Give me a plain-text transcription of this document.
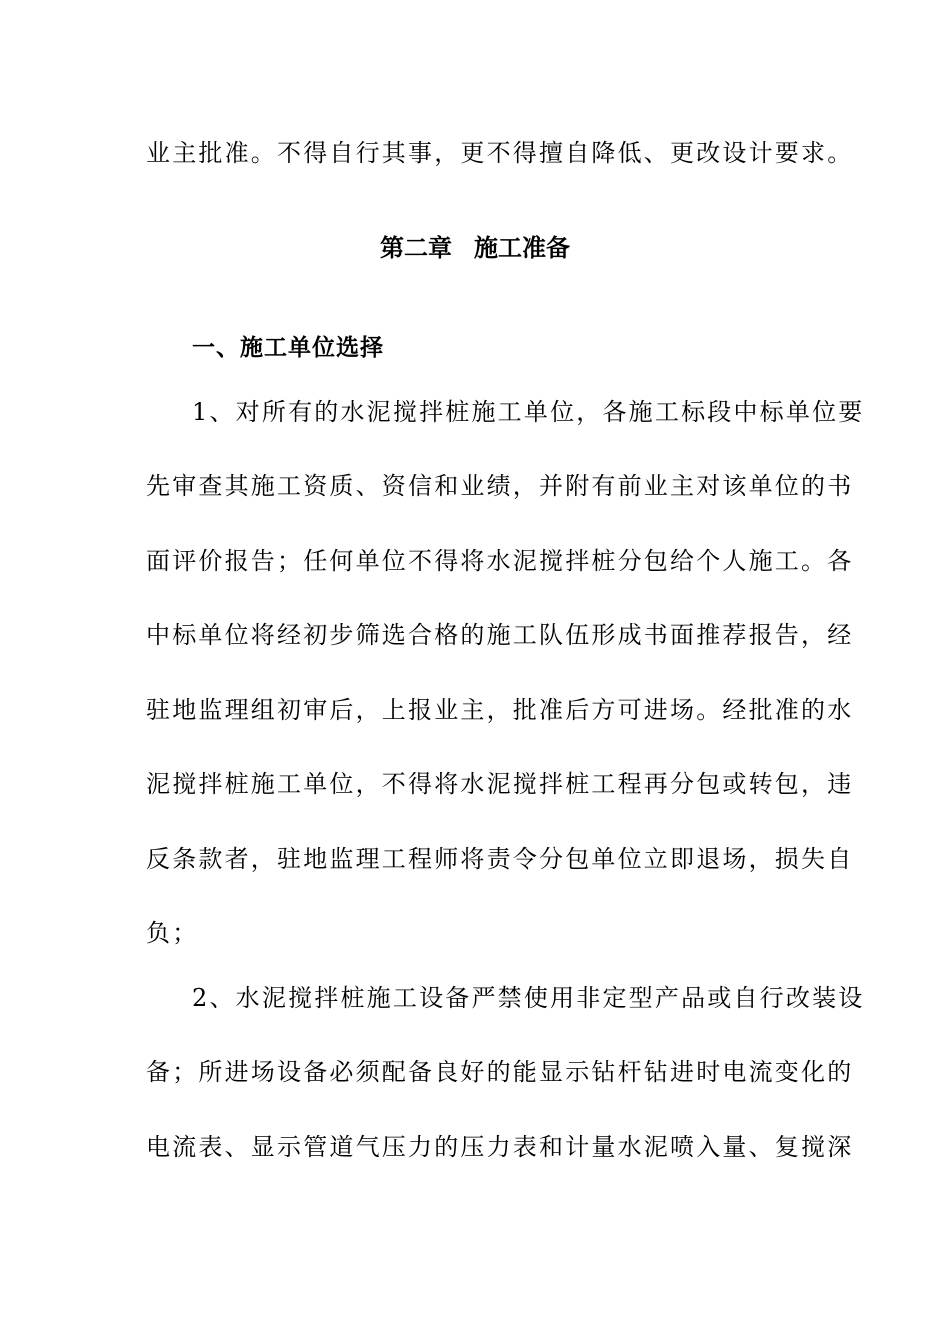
业主批准。不得自行其事，更不得擅自降低、更改设计要求。
第二章 施工准备
一、施工单位选择
1、对所有的水泥搅拌桩施工单位，各施工标段中标单位要
先审查其施工资质、资信和业绩，并附有前业主对该单位的书
面评价报告；任何单位不得将水泥搅拌桩分包给个人施工。各
中标单位将经初步筛选合格的施工队伍形成书面推荐报告，经
驻地监理组初审后，上报业主，批准后方可进场。经批准的水
泥搅拌桩施工单位，不得将水泥搅拌桩工程再分包或转包，违
反条款者，驻地监理工程师将责令分包单位立即退场，损失自
负；
2、水泥搅拌桩施工设备严禁使用非定型产品或自行改装设
备；所进场设备必须配备良好的能显示钻杆钻进时电流变化的
电流表、显示管道气压力的压力表和计量水泥喷入量、复搅深
